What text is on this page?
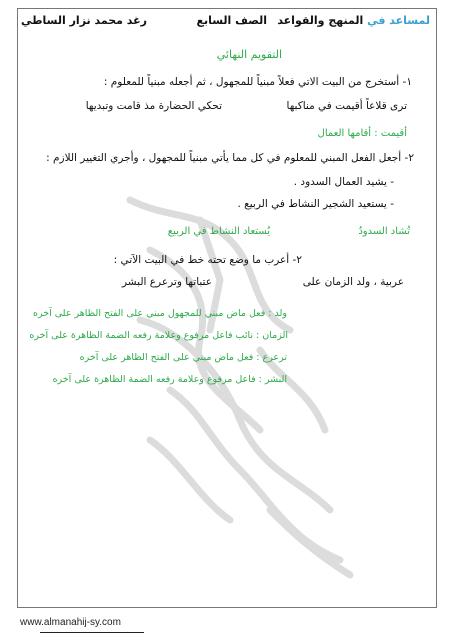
لمساعد في المنهج والقواعد
الصف السابع
رغد محمد نزار الساطي
التقويم النهائي
١- أستخرج من البيت الاتي فعلاً مبنياً للمجهول ، ثم أجعله مبنياً للمعلوم :
ترى قلاعاً أقيمت في مناكبها
تحكي الحضارة مذ قامت وتبديها
أقيمت : أقامها العمال
٢- أجعل الفعل المبني للمعلوم في كل مما يأتي مبنياً للمجهول ، وأجري التغيير اللازم :
- يشيد العمال السدود .
- يستعيد الشجير النشاط في الربيع .
تُشاد السدودُ
يُستعاد النشاط في الربيع
٢- أعرب ما وضع تحته خط في البيت الآتي :
عربية ، ولد الزمان على
عتباتها وترعرع البشر
ولد : فعل ماض مبني للمجهول مبني على الفتح الظاهر على آخره
الزمان : نائب فاعل مرفوع وعلامة رفعه الضمة الظاهرة على آخره
ترعرع : فعل ماض مبني على الفتح الظاهر على آخره
البشر : فاعل مرفوع وعلامة رفعه الضمة الظاهرة على آخره
www.almanahij-sy.com
